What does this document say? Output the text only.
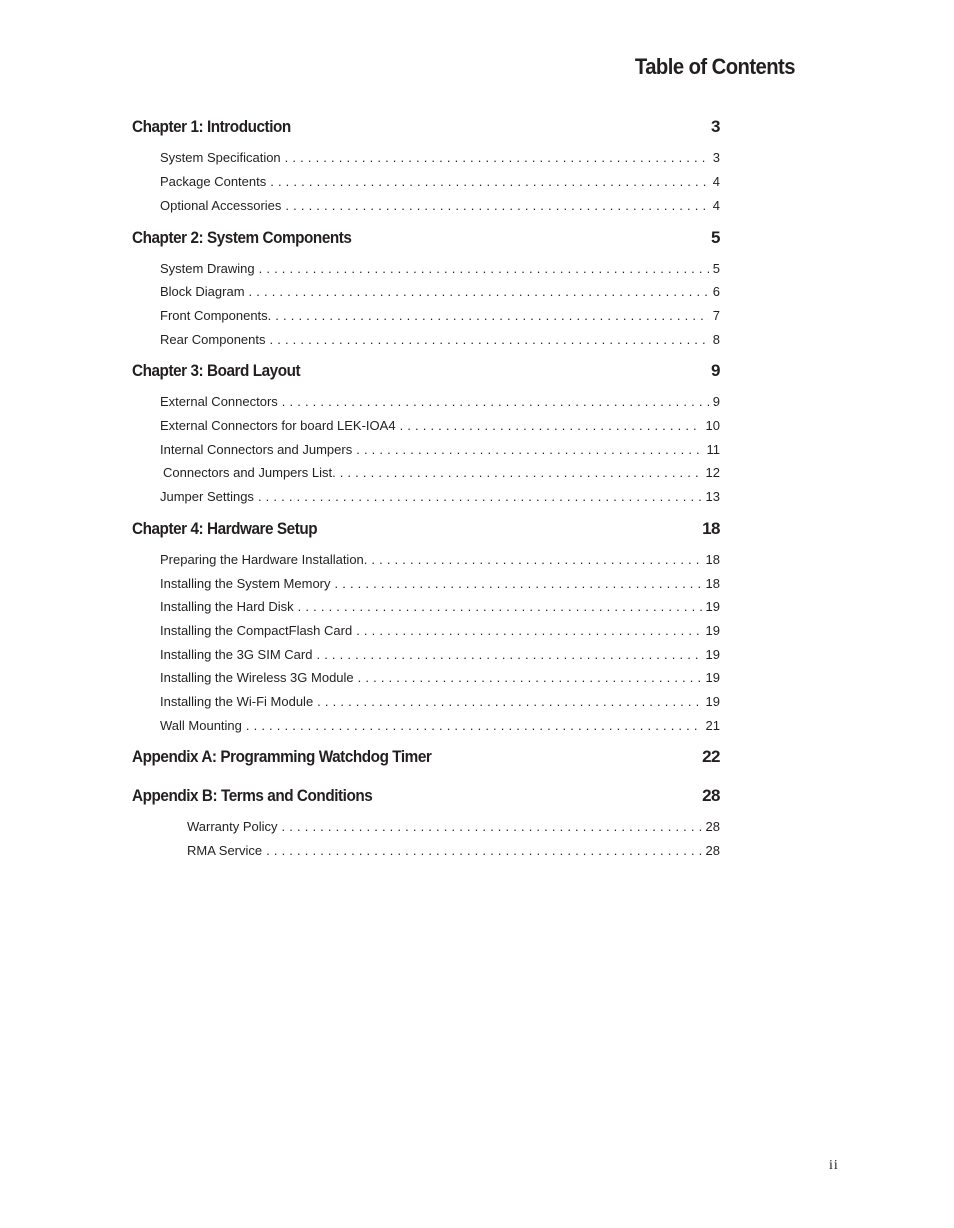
Table of Contents
Chapter 1: Introduction	3
System Specification . . .	3
Package Contents . . .	4
Optional Accessories . . .	4
Chapter 2: System Components	5
System Drawing . . .	5
Block Diagram . . .	6
Front Components. . . .	7
Rear Components . . .	8
Chapter 3: Board Layout	9
External Connectors . . .	9
External Connectors for board LEK-IOA4 . . .	10
Internal Connectors and Jumpers . . .	11
Connectors and Jumpers List. . . .	12
Jumper Settings . . .	13
Chapter 4: Hardware Setup	18
Preparing the Hardware Installation. . . .	18
Installing the System Memory . . .	18
Installing the Hard Disk . . .	19
Installing the CompactFlash Card . . .	19
Installing the 3G SIM Card . . .	19
Installing the Wireless 3G Module . . .	19
Installing the Wi-Fi Module . . .	19
Wall Mounting . . .	21
Appendix A: Programming Watchdog Timer	22
Appendix B: Terms and Conditions	28
Warranty Policy . . .	28
RMA Service . . .	28
ii
